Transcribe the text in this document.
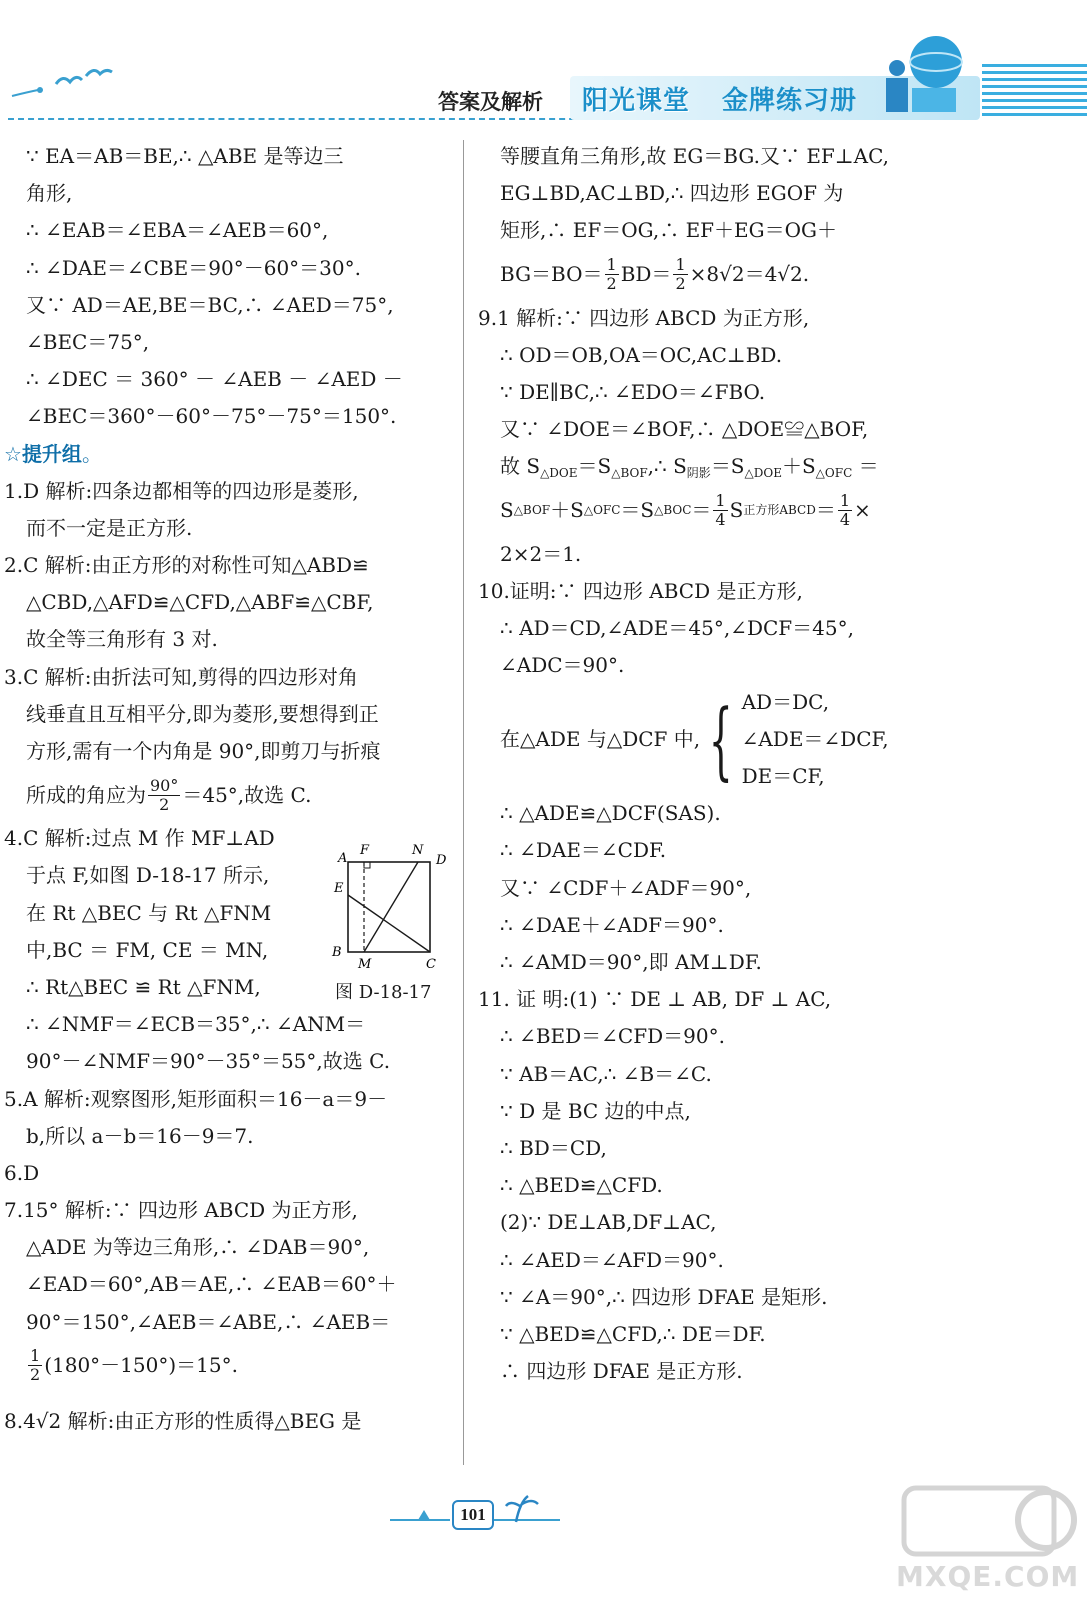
答案及解析 阳光课堂 金牌练习册
∵ EA＝AB＝BE,∴ △ABE 是等边三
角形,
∴ ∠EAB＝∠EBA＝∠AEB＝60°,
∴ ∠DAE＝∠CBE＝90°－60°＝30°.
又∵ AD＝AE,BE＝BC,∴ ∠AED＝75°,
∠BEC＝75°,
∴ ∠DEC ＝ 360° － ∠AEB － ∠AED －
∠BEC＝360°－60°－75°－75°＝150°.
☆提升组。
1.D 解析:四条边都相等的四边形是菱形,
而不一定是正方形.
2.C 解析:由正方形的对称性可知△ABD≌
△CBD,△AFD≌△CFD,△ABF≌△CBF,
故全等三角形有 3 对.
3.C 解析:由折法可知,剪得的四边形对角
线垂直且互相平分,即为菱形,要想得到正
方形,需有一个内角是 90°,即剪刀与折痕
所成的角应为 $\frac{90^\circ}{2} =45^\circ$,故选 C.
4.C 解析:过点 M 作 MF⊥AD
于点 F,如图 D-18-17 所示,
在 Rt △BEC 与 Rt △FNM
中,BC ＝ FM, CE ＝ MN,
∴ Rt△BEC ≌ Rt △FNM,
∴ ∠NMF＝∠ECB＝35°,∴ ∠ANM＝
90°－∠NMF＝90°－35°＝55°,故选 C.
5.A 解析:观察图形,矩形面积＝16－a＝9－
b,所以 a－b＝16－9＝7.
6.D
7.15° 解析:∵ 四边形 ABCD 为正方形,
△ADE 为等边三角形,∴ ∠DAB＝90°,
∠EAD＝60°,AB＝AE,∴ ∠EAB＝60°＋
90°＝150°,∠AEB＝∠ABE,∴ ∠AEB＝
$\frac{1}{2} (180^\circ-150^\circ)=15^\circ$.
8.4√2 解析:由正方形的性质得△BEG 是
A
F	N
D
E
B
M	C
图 D-18-17
等腰直角三角形,故 EG＝BG.又∵ EF⊥AC,
EG⊥BD,AC⊥BD,∴ 四边形 EGOF 为
矩形,∴ EF＝OG,∴ EF＋EG＝OG＋
$BG=BO= \frac{1}{2} BD= \frac{1}{2} \times 8√2=4√2$.
9.1 解析:∵ 四边形 ABCD 为正方形,
∴ OD＝OB,OA＝OC,AC⊥BD.
∵ DE∥BC,∴ ∠EDO＝∠FBO.
又∵ ∠DOE＝∠BOF,∴ △DOE≌△BOF,
故 $S_{\triangle DOE}=S_{\triangle BOF},\therefore$ $S_{阴影}=S_{\triangle DOE}+S_{\triangle OFC}$ ＝
S △BOF ＋S △OFC ＝S △BOC ＝ $\frac{1}{4}$ S 正方形ABCD ＝ $\frac{1}{4}$ ×
2×2＝1.
10.证明:∵ 四边形 ABCD 是正方形,
∴ AD＝CD,∠ADE＝45°,∠DCF＝45°,
∠ADC＝90°.
在△ADE 与△DCF 中, { AD＝DC,
∠ADE＝∠DCF,
DE＝CF,
∴ △ADE≌△DCF(SAS).
∴ ∠DAE＝∠CDF.
又∵ ∠CDF＋∠ADF＝90°,
∴ ∠DAE＋∠ADF＝90°.
∴ ∠AMD＝90°,即 AM⊥DF.
11. 证 明:(1) ∵ DE ⊥ AB, DF ⊥ AC,
∴ ∠BED＝∠CFD＝90°.
∵ AB＝AC,∴ ∠B＝∠C.
∵ D 是 BC 边的中点,
∴ BD＝CD,
∴ △BED≌△CFD.
(2)∵ DE⊥AB,DF⊥AC,
∴ ∠AED＝∠AFD＝90°.
∵ ∠A＝90°,∴ 四边形 DFAE 是矩形.
∵ △BED≌△CFD,∴ DE＝DF.
∴ 四边形 DFAE 是正方形.
101
MXQE.COM
